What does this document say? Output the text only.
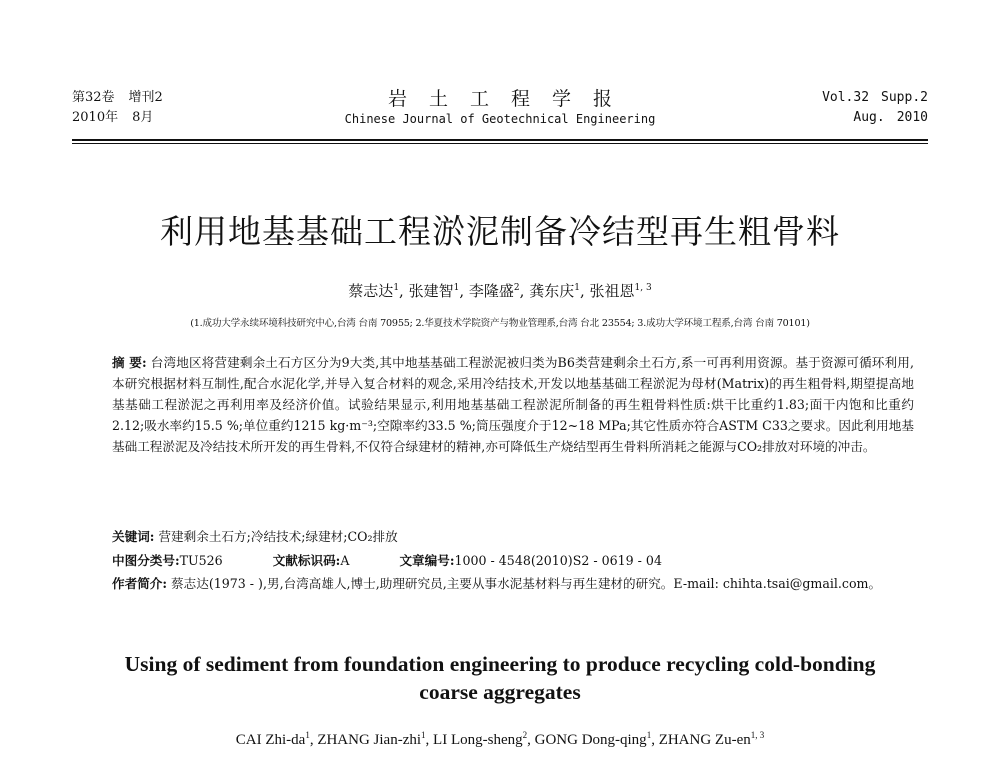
第32卷 增刊2
2010年 8月
岩土工程学报
Chinese Journal of Geotechnical Engineering
Vol.32 Supp.2
Aug. 2010
利用地基基础工程淤泥制备冷结型再生粗骨料
蔡志达$^1$, 张建智$^1$, 李隆盛$^2$, 龚东庆$^1$, 张祖恩$^{1, 3}$
(1.成功大学永续环境科技研究中心,台湾 台南 70955; 2.华夏技术学院资产与物业管理系,台湾 台北 23554; 3.成功大学环境工程系,台湾 台南 70101)
摘 要: 台湾地区将营建剩余土石方区分为9大类,其中地基基础工程淤泥被归类为B6类营建剩余土石方,系一可再利用资源。基于资源可循环利用,本研究根据材料互制性,配合水泥化学,并导入复合材料的观念,采用冷结技术,开发以地基基础工程淤泥为母材(Matrix)的再生粗骨料,期望提高地基基础工程淤泥之再利用率及经济价值。试验结果显示,利用地基基础工程淤泥所制备的再生粗骨料性质:烘干比重约1.83;面干内饱和比重约2.12;吸水率约15.5 %;单位重约1215 kg·m⁻³;空隙率约33.5 %;筒压强度介于12~18 MPa;其它性质亦符合ASTM C33之要求。因此利用地基基础工程淤泥及冷结技术所开发的再生骨料,不仅符合绿建材的精神,亦可降低生产烧结型再生骨料所消耗之能源与CO₂排放对环境的冲击。
关键词: 营建剩余土石方;冷结技术;绿建材;CO₂排放
中图分类号:TU526	文献标识码:A	文章编号:1000 - 4548(2010)S2 - 0619 - 04
作者简介: 蔡志达(1973 - ),男,台湾高雄人,博士,助理研究员,主要从事水泥基材料与再生建材的研究。E-mail: chihta.tsai@gmail.com。
Using of sediment from foundation engineering to produce recycling cold-bonding
coarse aggregates
CAI Zhi-$da^1$, ZHANG Jian-zhi$^1$, LI Long-sheng$^2$, GONG Dong-qing$^1$, ZHANG Zu-en$^{1, 3}$
